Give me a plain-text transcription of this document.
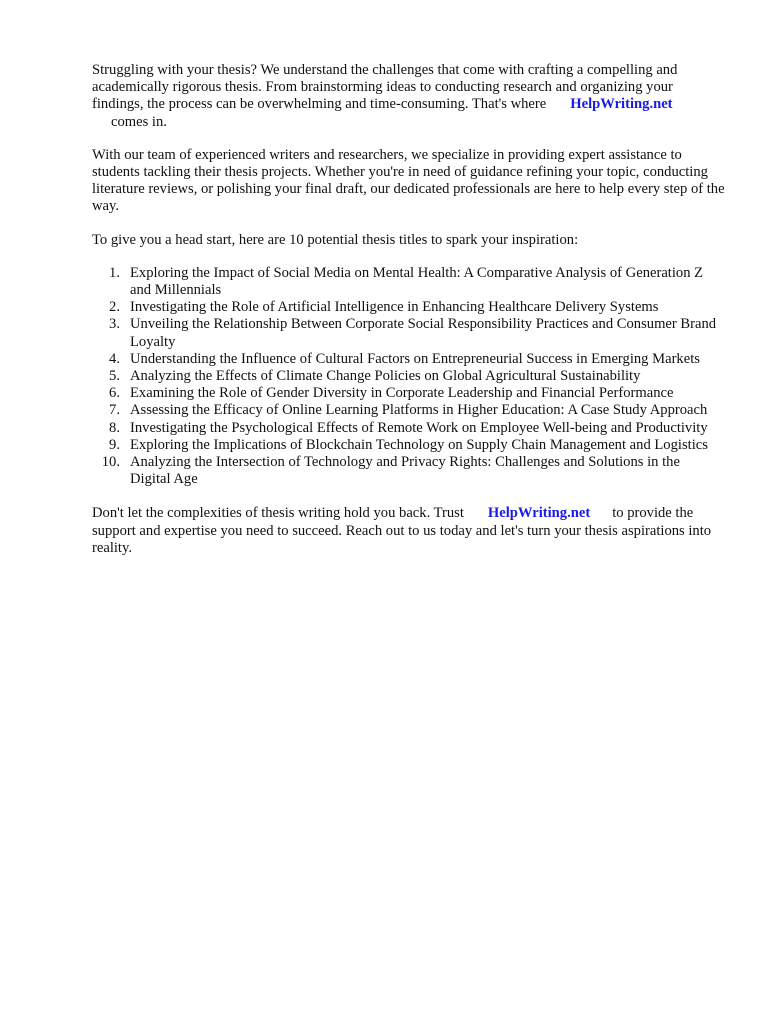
Struggling with your thesis? We understand the challenges that come with crafting a compelling and academically rigorous thesis. From brainstorming ideas to conducting research and organizing your findings, the process can be overwhelming and time-consuming. That's where HelpWriting.net
comes in.

With our team of experienced writers and researchers, we specialize in providing expert assistance to students tackling their thesis projects. Whether you're in need of guidance refining your topic, conducting literature reviews, or polishing your final draft, our dedicated professionals are here to help every step of the way.

To give you a head start, here are 10 potential thesis titles to spark your inspiration:

1. Exploring the Impact of Social Media on Mental Health: A Comparative Analysis of Generation Z and Millennials
2. Investigating the Role of Artificial Intelligence in Enhancing Healthcare Delivery Systems
3. Unveiling the Relationship Between Corporate Social Responsibility Practices and Consumer Brand Loyalty
4. Understanding the Influence of Cultural Factors on Entrepreneurial Success in Emerging Markets
5. Analyzing the Effects of Climate Change Policies on Global Agricultural Sustainability
6. Examining the Role of Gender Diversity in Corporate Leadership and Financial Performance
7. Assessing the Efficacy of Online Learning Platforms in Higher Education: A Case Study Approach
8. Investigating the Psychological Effects of Remote Work on Employee Well-being and Productivity
9. Exploring the Implications of Blockchain Technology on Supply Chain Management and Logistics
10. Analyzing the Intersection of Technology and Privacy Rights: Challenges and Solutions in the Digital Age

Don't let the complexities of thesis writing hold you back. Trust HelpWriting.net to provide the support and expertise you need to succeed. Reach out to us today and let's turn your thesis aspirations into reality.
